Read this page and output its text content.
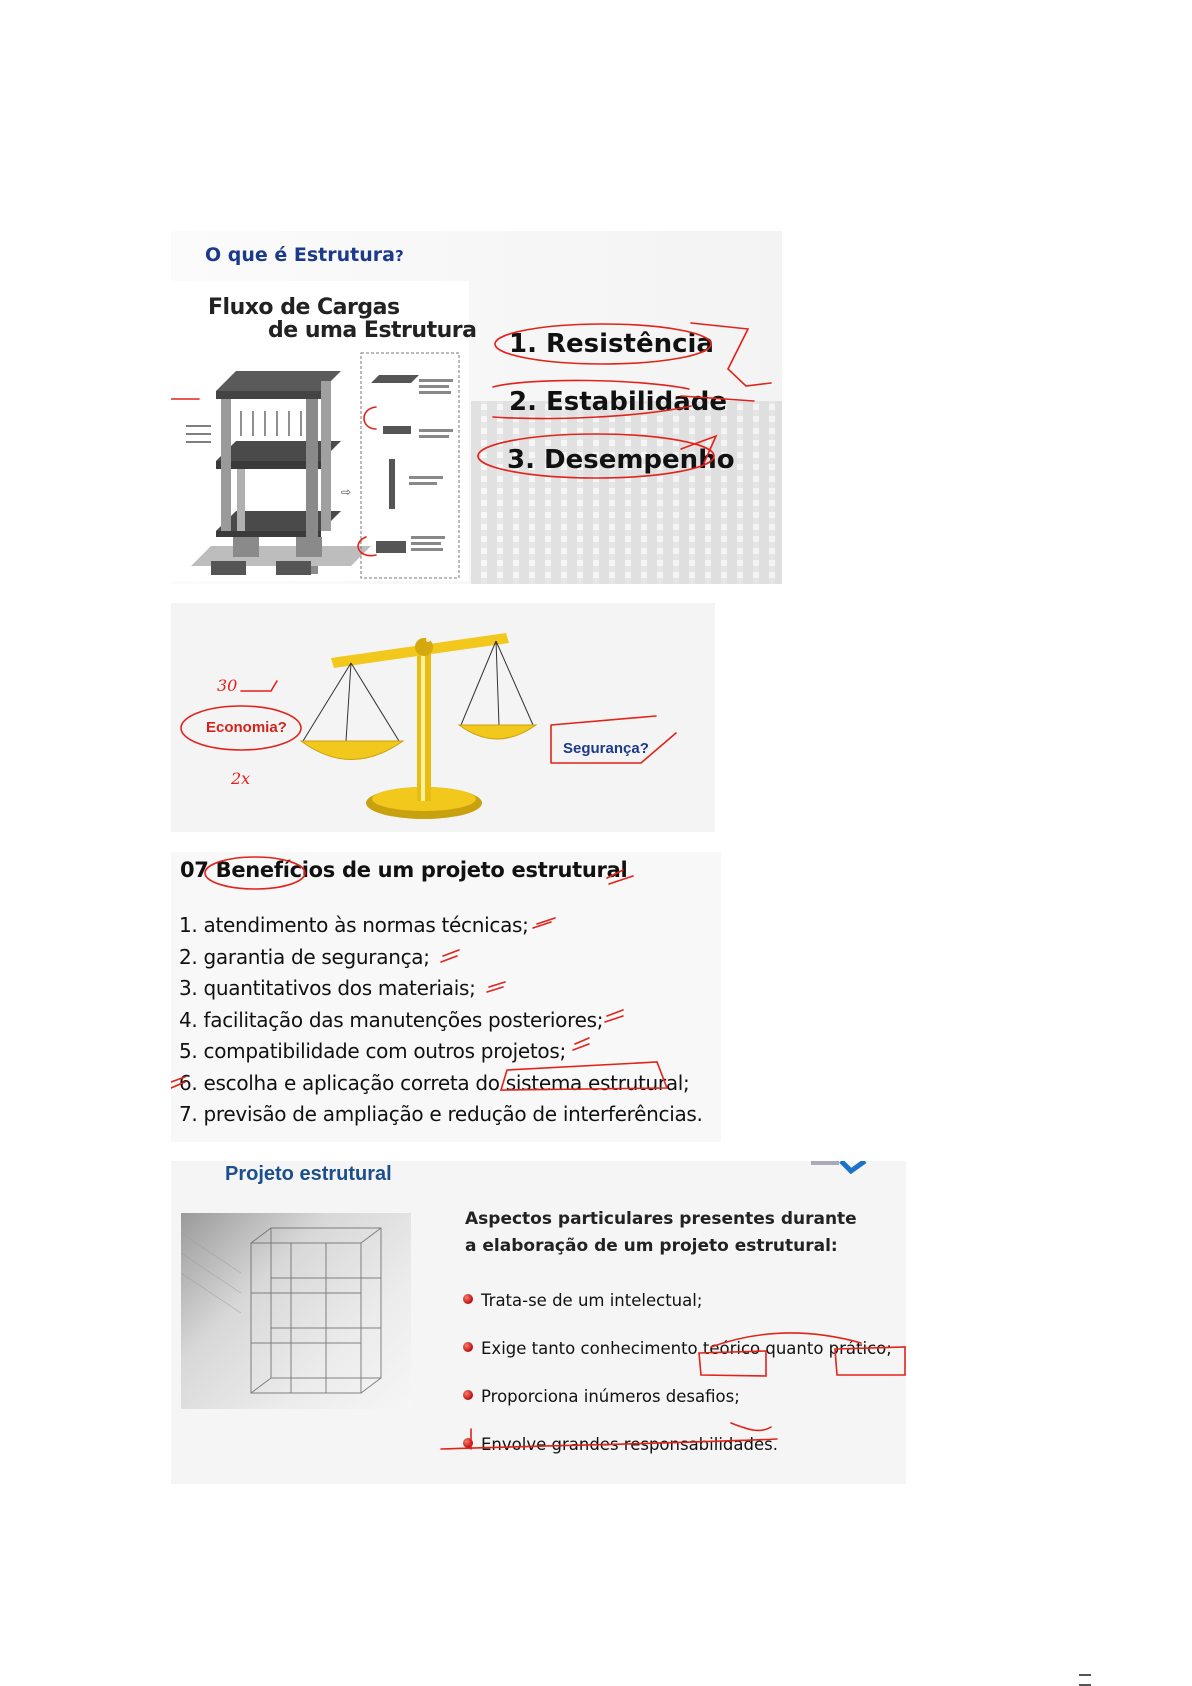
O que é Estrutura?
Fluxo de Cargas
de uma Estrutura
⇨
1. Resistência
2. Estabilidade
3. Desempenho
Economia?
Segurança?
30
2x
07 Benefícios de um projeto estrutural
1. atendimento às normas técnicas;
2. garantia de segurança;
3. quantitativos dos materiais;
4. facilitação das manutenções posteriores;
5. compatibilidade com outros projetos;
6. escolha e aplicação correta do sistema estrutural;
7. previsão de ampliação e redução de interferências.
Projeto estrutural
Aspectos particulares presentes durante
a elaboração de um projeto estrutural:
Trata-se de um intelectual;
Exige tanto conhecimento teórico quanto prático;
Proporciona inúmeros desafios;
Envolve grandes responsabilidades.
